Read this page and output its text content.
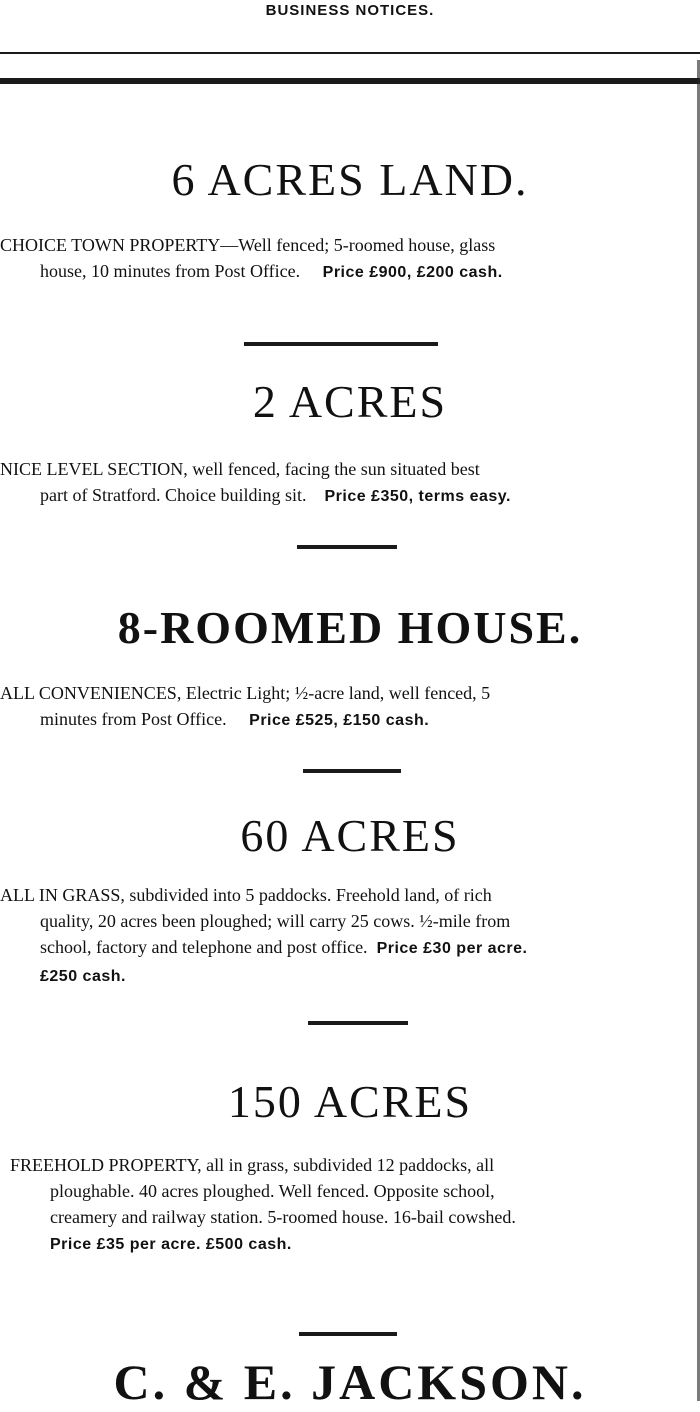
BUSINESS NOTICES.
6 ACRES LAND.
CHOICE TOWN PROPERTY—Well fenced; 5-roomed house, glass
house, 10 minutes from Post Office. Price £900, £200 cash.
2 ACRES
NICE LEVEL SECTION, well fenced, facing the sun situated best
part of Stratford. Choice building sit. Price £350, terms easy.
8-ROOMED HOUSE.
ALL CONVENIENCES, Electric Light; ½-acre land, well fenced, 5
minutes from Post Office. Price £525, £150 cash.
60 ACRES
ALL IN GRASS, subdivided into 5 paddocks. Freehold land, of rich
quality, 20 acres been ploughed; will carry 25 cows. ½-mile from
school, factory and telephone and post office. Price £30 per acre.
£250 cash.
150 ACRES
FREEHOLD PROPERTY, all in grass, subdivided 12 paddocks, all
ploughable. 40 acres ploughed. Well fenced. Opposite school,
creamery and railway station. 5-roomed house. 16-bail cowshed.
Price £35 per acre. £500 cash.
C. & E. JACKSON.
